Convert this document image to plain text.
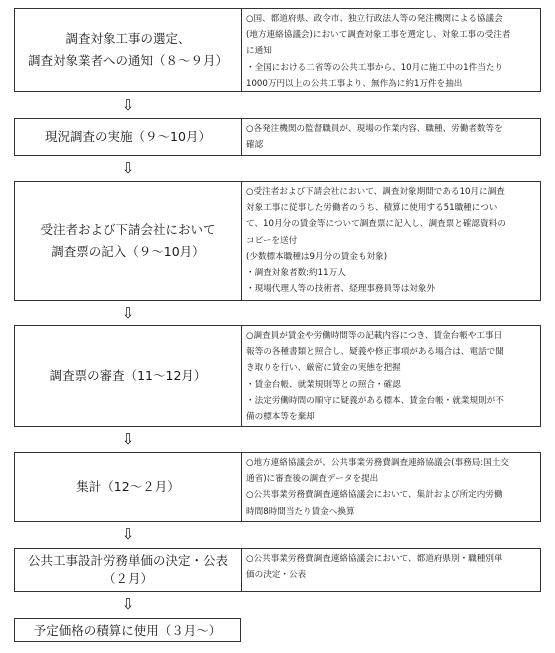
調査対象工事の選定、
調査対象業者への通知（８～９月）
○国、都道府県、政令市、独立行政法人等の発注機関による協議会
(地方連絡協議会)において調査対象工事を選定し、対象工事の受注者
に通知
・全国における二省等の公共工事から、10月に施工中の1件当たり
1000万円以上の公共工事より、無作為に約1万件を抽出
⇩
現況調査の実施（９～10月）	○各発注機関の監督職員が、現場の作業内容、職種、労働者数等を
確認
⇩
受注者および下請会社において
調査票の記入（９～10月）
○受注者および下請会社において、調査対象期間である10月に調査
対象工事に従事した労働者のうち、積算に使用する51職種につい
て、10月分の賃金等について調査票に記入し、調査票と確認資料の
コピーを送付
(少数標本職種は9月分の賃金も対象)
・調査対象者数:約11万人
・現場代理人等の技術者、経理事務員等は対象外
⇩
調査票の審査（11～12月）
○調査員が賃金や労働時間等の記載内容につき、賃金台帳や工事日
報等の各種書類と照合し、疑義や修正事項がある場合は、電話で聞
き取りを行い、厳密に賃金の実態を把握
・賃金台帳、就業規則等との照合・確認
・法定労働時間の順守に疑義がある標本、賃金台帳・就業規則が不
備の標本等を棄却
⇩
集計（12～２月）
○地方連絡協議会が、公共事業労務費調査連絡協議会(事務局:国土交
通省)に審査後の調査データを提出
○公共事業労務費調査連絡協議会において、集計および所定内労働
時間8時間当たり賃金へ換算
⇩
公共工事設計労務単価の決定・公表
（２月）
○公共事業労務費調査連絡協議会において、都道府県別・職種別単
価の決定・公表
⇩
予定価格の積算に使用（３月～）
